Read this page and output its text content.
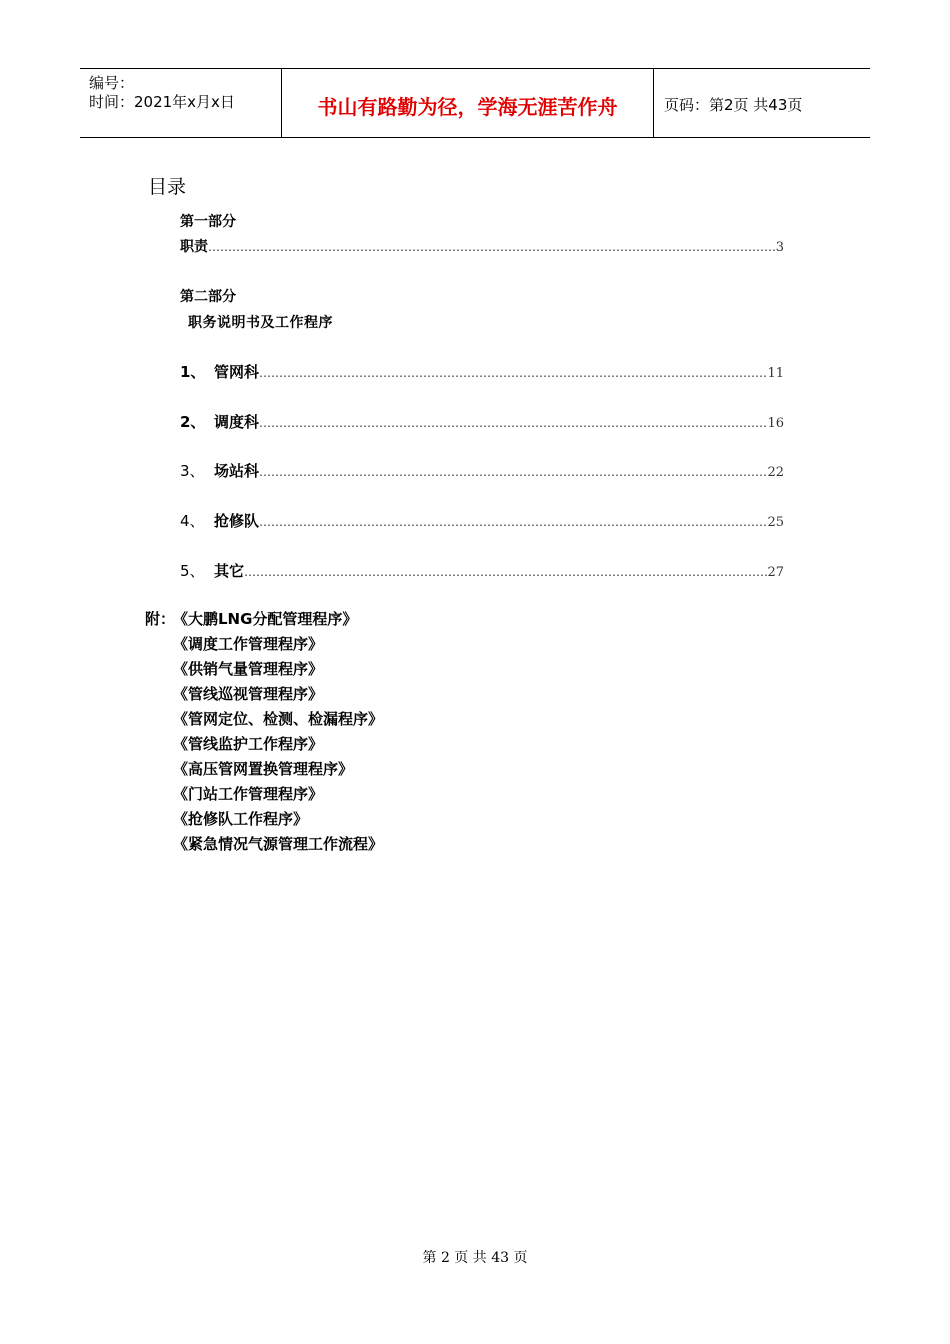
编号：
时间：2021年x月x日	书山有路勤为径，学海无涯苦作舟	页码：第2页 共43页
目录
第一部分
职责 ………………………………………………………………………………………………………………………………………………………………………	3
第二部分
职务说明书及工作程序
1、 管网科 ………………………………………………………………………………………………………………………………………………………………………	11
2、 调度科 ………………………………………………………………………………………………………………………………………………………………………	16
3、 场站科 ………………………………………………………………………………………………………………………………………………………………………	22
4、 抢修队 ………………………………………………………………………………………………………………………………………………………………………	25
5、 其它 ………………………………………………………………………………………………………………………………………………………………………	27
附：《大鹏LNG分配管理程序》
《调度工作管理程序》
《供销气量管理程序》
《管线巡视管理程序》
《管网定位、检测、检漏程序》
《管线监护工作程序》
《高压管网置换管理程序》
《门站工作管理程序》
《抢修队工作程序》
《紧急情况气源管理工作流程》
第 2 页 共 43 页
